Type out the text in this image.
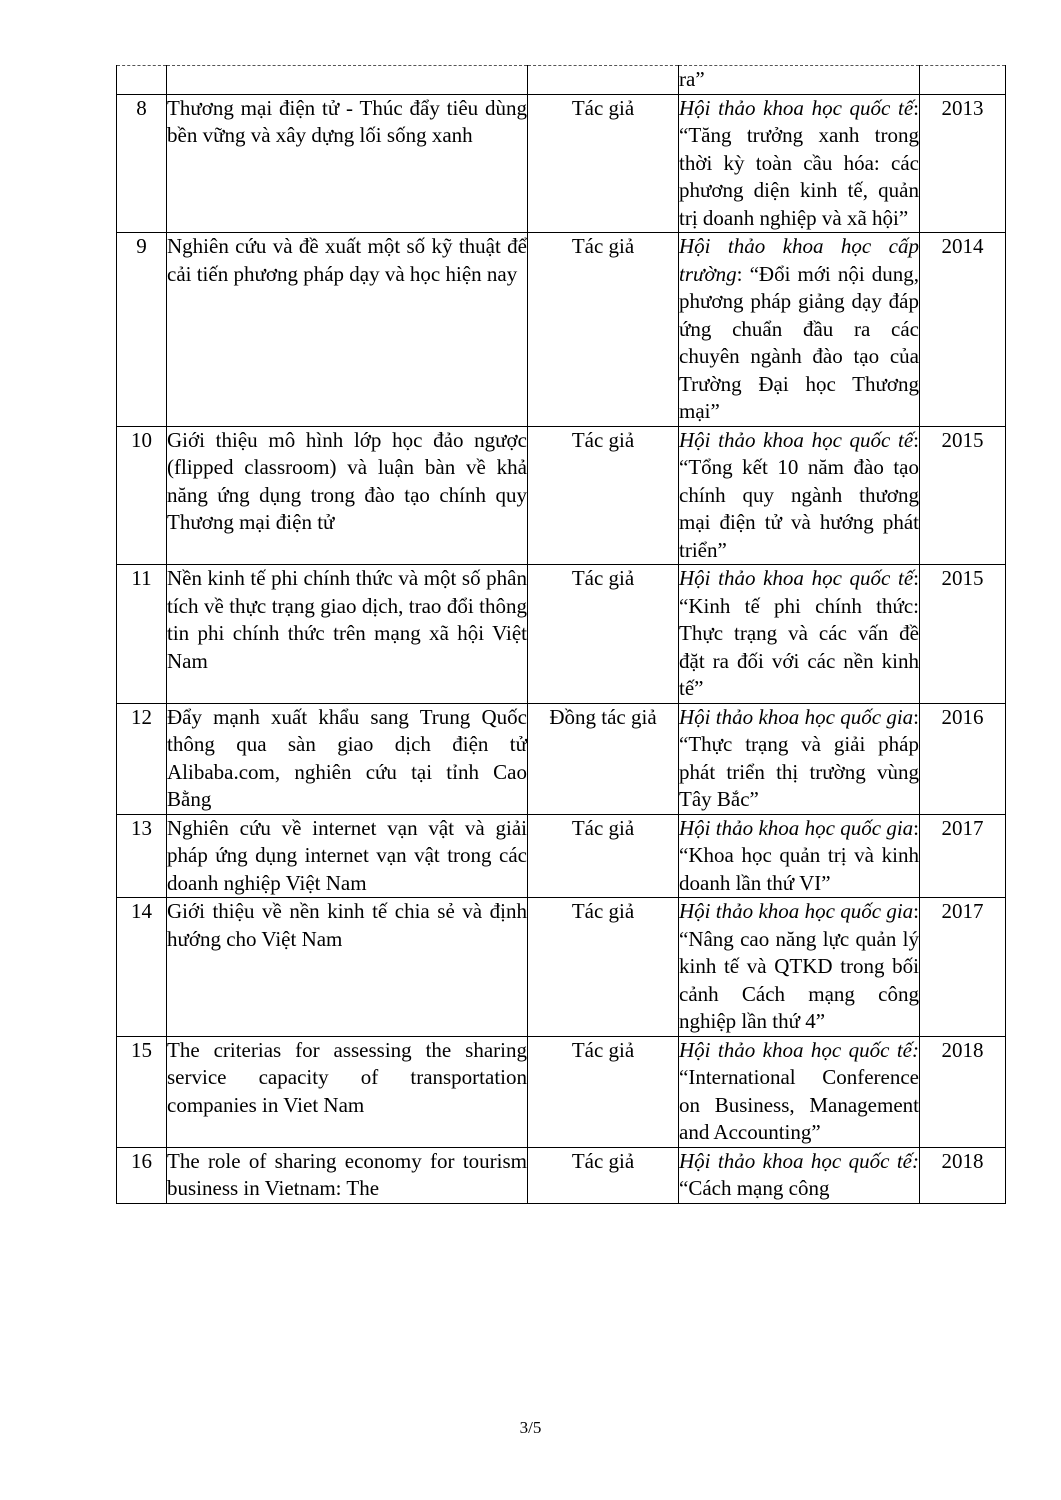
			ra”	
8	Thương mại điện tử - Thúc đẩy tiêu dùng bền vững và xây dựng lối sống xanh	Tác giả	Hội thảo khoa học quốc tế: “Tăng trưởng xanh trong thời kỳ toàn cầu hóa: các phương diện kinh tế, quản trị doanh nghiệp và xã hội”	2013
9	Nghiên cứu và đề xuất một số kỹ thuật để cải tiến phương pháp dạy và học hiện nay	Tác giả	Hội thảo khoa học cấp trường: “Đổi mới nội dung, phương pháp giảng dạy đáp ứng chuẩn đầu ra các chuyên ngành đào tạo của Trường Đại học Thương mại”	2014
10	Giới thiệu mô hình lớp học đảo ngược (flipped classroom) và luận bàn về khả năng ứng dụng trong đào tạo chính quy Thương mại điện tử	Tác giả	Hội thảo khoa học quốc tế: “Tổng kết 10 năm đào tạo chính quy ngành thương mại điện tử và hướng phát triển”	2015
11	Nền kinh tế phi chính thức và một số phân tích về thực trạng giao dịch, trao đổi thông tin phi chính thức trên mạng xã hội Việt Nam	Tác giả	Hội thảo khoa học quốc tế: “Kinh tế phi chính thức: Thực trạng và các vấn đề đặt ra đối với các nền kinh tế”	2015
12	Đẩy mạnh xuất khẩu sang Trung Quốc thông qua sàn giao dịch điện tử Alibaba.com, nghiên cứu tại tỉnh Cao Bằng	Đồng tác giả	Hội thảo khoa học quốc gia: “Thực trạng và giải pháp phát triển thị trường vùng Tây Bắc”	2016
13	Nghiên cứu về internet vạn vật và giải pháp ứng dụng internet vạn vật trong các doanh nghiệp Việt Nam	Tác giả	Hội thảo khoa học quốc gia: “Khoa học quản trị và kinh doanh lần thứ VI”	2017
14	Giới thiệu về nền kinh tế chia sẻ và định hướng cho Việt Nam	Tác giả	Hội thảo khoa học quốc gia: “Nâng cao năng lực quản lý kinh tế và QTKD trong bối cảnh Cách mạng công nghiệp lần thứ 4”	2017
15	The criterias for assessing the sharing service capacity of transportation companies in Viet Nam	Tác giả	Hội thảo khoa học quốc tế: “International Conference on Business, Management and Accounting”	2018
16	The role of sharing economy for tourism business in Vietnam: The	Tác giả	Hội thảo khoa học quốc tế: “Cách mạng công	2018
3/5
